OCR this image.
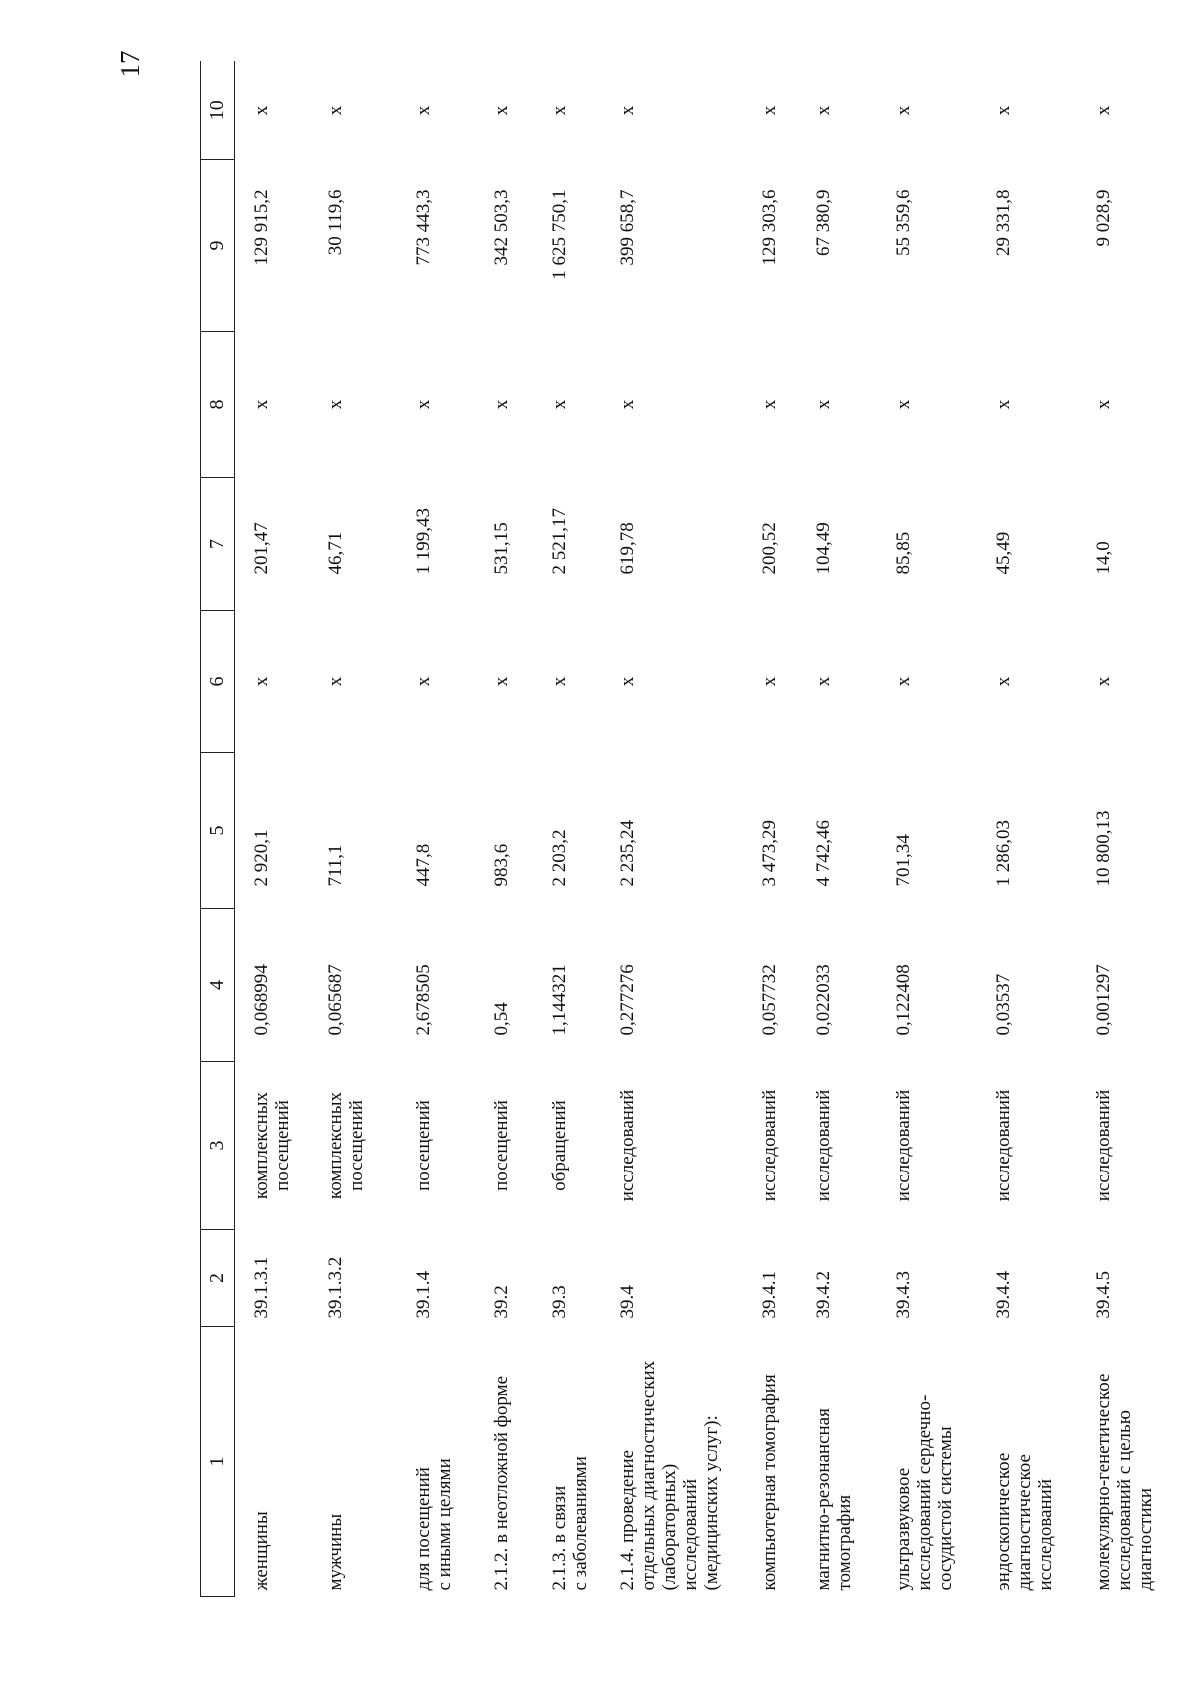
17
1	2	3	4	5	6	7	8	9	10

женщины	39.1.3.1	комплексных посещений	0,068994	2 920,1	х	201,47	х	129 915,2	х

мужчины	39.1.3.2	комплексных посещений	0,065687	711,1	х	46,71	х	30 119,6	х

для посещений с иными целями	39.1.4	посещений	2,678505	447,8	х	1 199,43	х	773 443,3	х

2.1.2. в неотложной форме	39.2	посещений	0,54	983,6	х	531,15	х	342 503,3	х

2.1.3. в связи с заболеваниями	39.3	обращений	1,144321	2 203,2	х	2 521,17	х	1 625 750,1	х

2.1.4. проведение отдельных диагностических (лабораторных) исследований (медицинских услуг):	39.4	исследований	0,277276	2 235,24	х	619,78	х	399 658,7	х

компьютерная томография	39.4.1	исследований	0,057732	3 473,29	х	200,52	х	129 303,6	х

магнитно-резонансная томография	39.4.2	исследований	0,022033	4 742,46	х	104,49	х	67 380,9	х

ультразвуковое исследований сердечно- сосудистой системы	39.4.3	исследований	0,122408	701,34	х	85,85	х	55 359,6	х

эндоскопическое диагностическое исследований	39.4.4	исследований	0,03537	1 286,03	х	45,49	х	29 331,8	х

молекулярно-генетическое исследований с целью диагностики	39.4.5	исследований	0,001297	10 800,13	х	14,0	х	9 028,9	х
